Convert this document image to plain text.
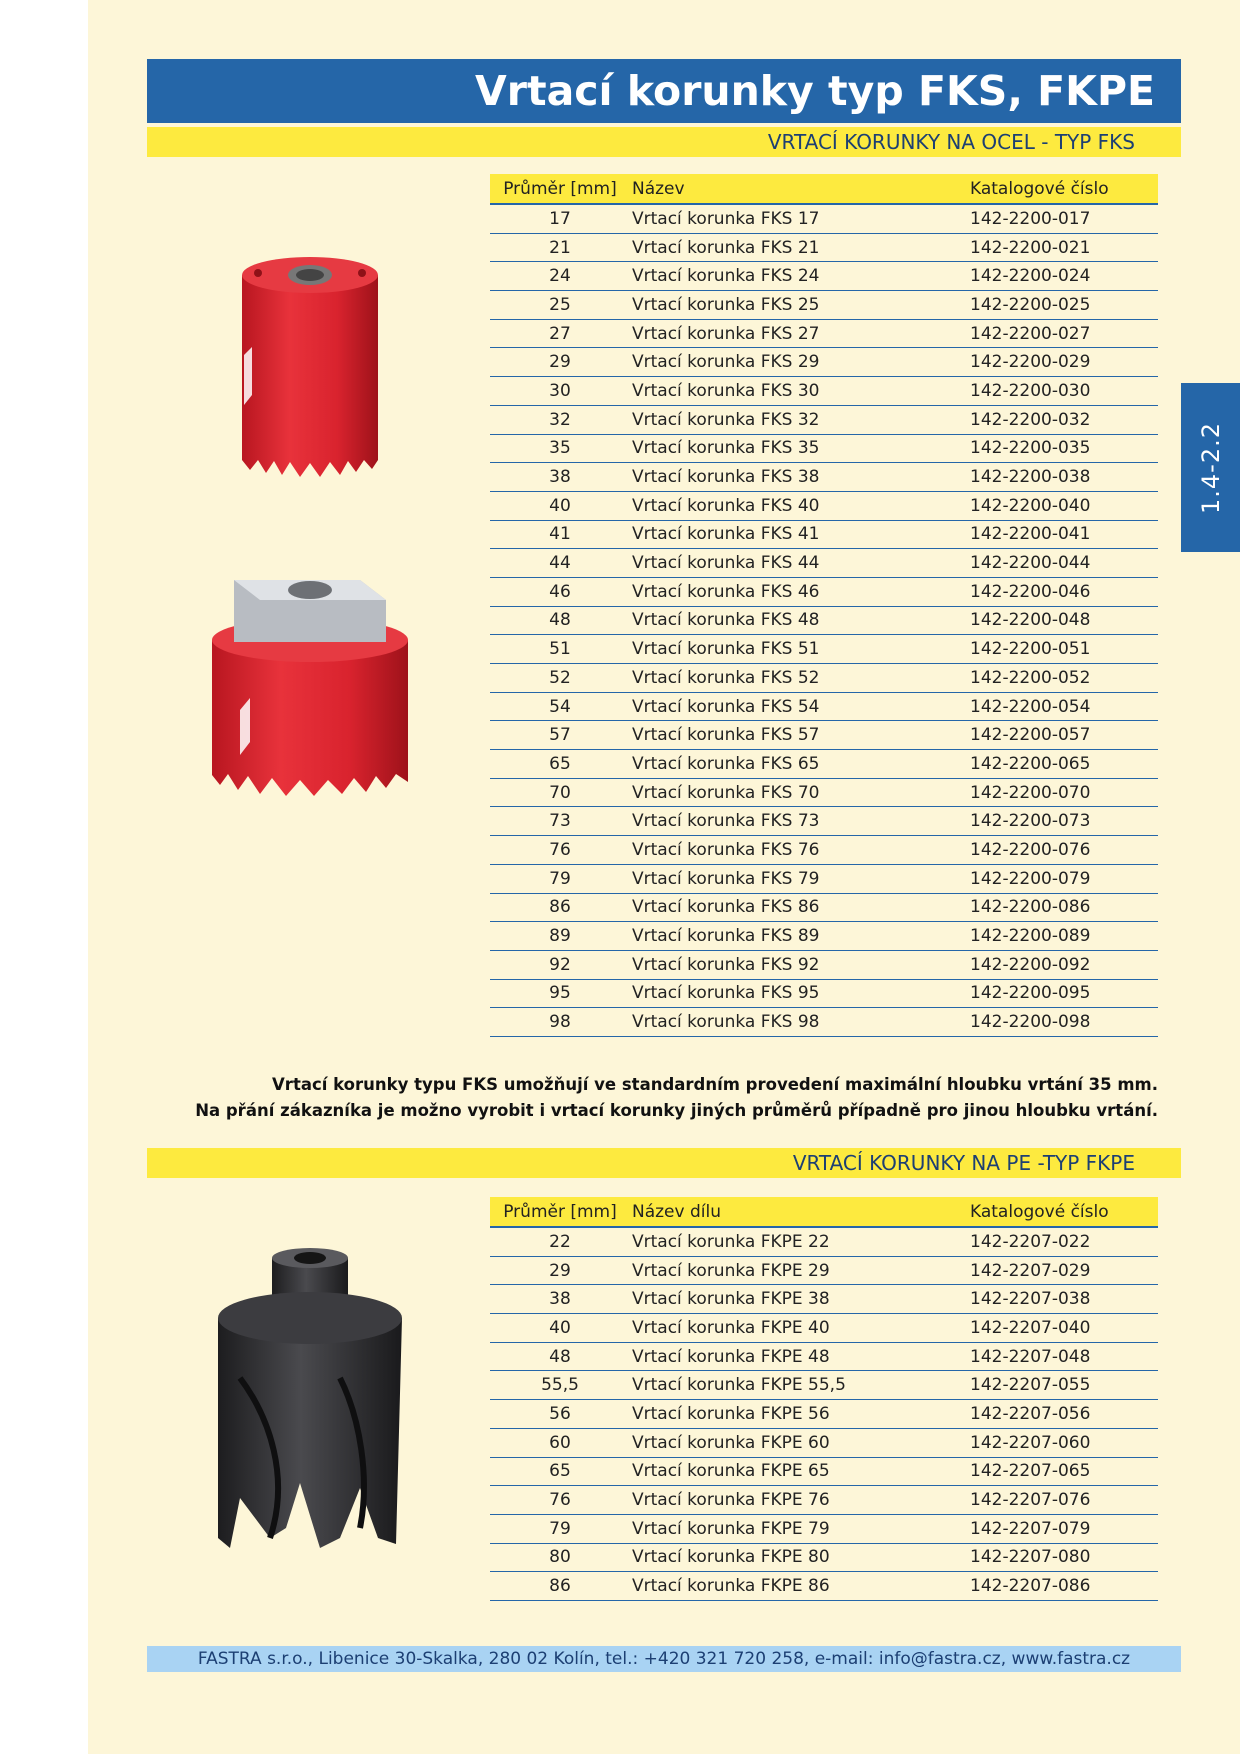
Vrtací korunky typ FKS, FKPE
VRTACÍ KORUNKY NA OCEL - TYP FKS
1.4-2.2
Průměr [mm]	Název	Katalogové číslo
17	Vrtací korunka FKS 17	142-2200-017
21	Vrtací korunka FKS 21	142-2200-021
24	Vrtací korunka FKS 24	142-2200-024
25	Vrtací korunka FKS 25	142-2200-025
27	Vrtací korunka FKS 27	142-2200-027
29	Vrtací korunka FKS 29	142-2200-029
30	Vrtací korunka FKS 30	142-2200-030
32	Vrtací korunka FKS 32	142-2200-032
35	Vrtací korunka FKS 35	142-2200-035
38	Vrtací korunka FKS 38	142-2200-038
40	Vrtací korunka FKS 40	142-2200-040
41	Vrtací korunka FKS 41	142-2200-041
44	Vrtací korunka FKS 44	142-2200-044
46	Vrtací korunka FKS 46	142-2200-046
48	Vrtací korunka FKS 48	142-2200-048
51	Vrtací korunka FKS 51	142-2200-051
52	Vrtací korunka FKS 52	142-2200-052
54	Vrtací korunka FKS 54	142-2200-054
57	Vrtací korunka FKS 57	142-2200-057
65	Vrtací korunka FKS 65	142-2200-065
70	Vrtací korunka FKS 70	142-2200-070
73	Vrtací korunka FKS 73	142-2200-073
76	Vrtací korunka FKS 76	142-2200-076
79	Vrtací korunka FKS 79	142-2200-079
86	Vrtací korunka FKS 86	142-2200-086
89	Vrtací korunka FKS 89	142-2200-089
92	Vrtací korunka FKS 92	142-2200-092
95	Vrtací korunka FKS 95	142-2200-095
98	Vrtací korunka FKS 98	142-2200-098
Vrtací korunky typu FKS umožňují ve standardním provedení maximální hloubku vrtání 35 mm.
Na přání zákazníka je možno vyrobit i vrtací korunky jiných průměrů případně pro jinou hloubku vrtání.
VRTACÍ KORUNKY NA PE -TYP FKPE
Průměr [mm]	Název dílu	Katalogové číslo
22	Vrtací korunka FKPE 22	142-2207-022
29	Vrtací korunka FKPE 29	142-2207-029
38	Vrtací korunka FKPE 38	142-2207-038
40	Vrtací korunka FKPE 40	142-2207-040
48	Vrtací korunka FKPE 48	142-2207-048
55,5	Vrtací korunka FKPE 55,5	142-2207-055
56	Vrtací korunka FKPE 56	142-2207-056
60	Vrtací korunka FKPE 60	142-2207-060
65	Vrtací korunka FKPE 65	142-2207-065
76	Vrtací korunka FKPE 76	142-2207-076
79	Vrtací korunka FKPE 79	142-2207-079
80	Vrtací korunka FKPE 80	142-2207-080
86	Vrtací korunka FKPE 86	142-2207-086
FASTRA s.r.o., Libenice 30-Skalka, 280 02 Kolín, tel.: +420 321 720 258, e-mail: info@fastra.cz, www.fastra.cz
